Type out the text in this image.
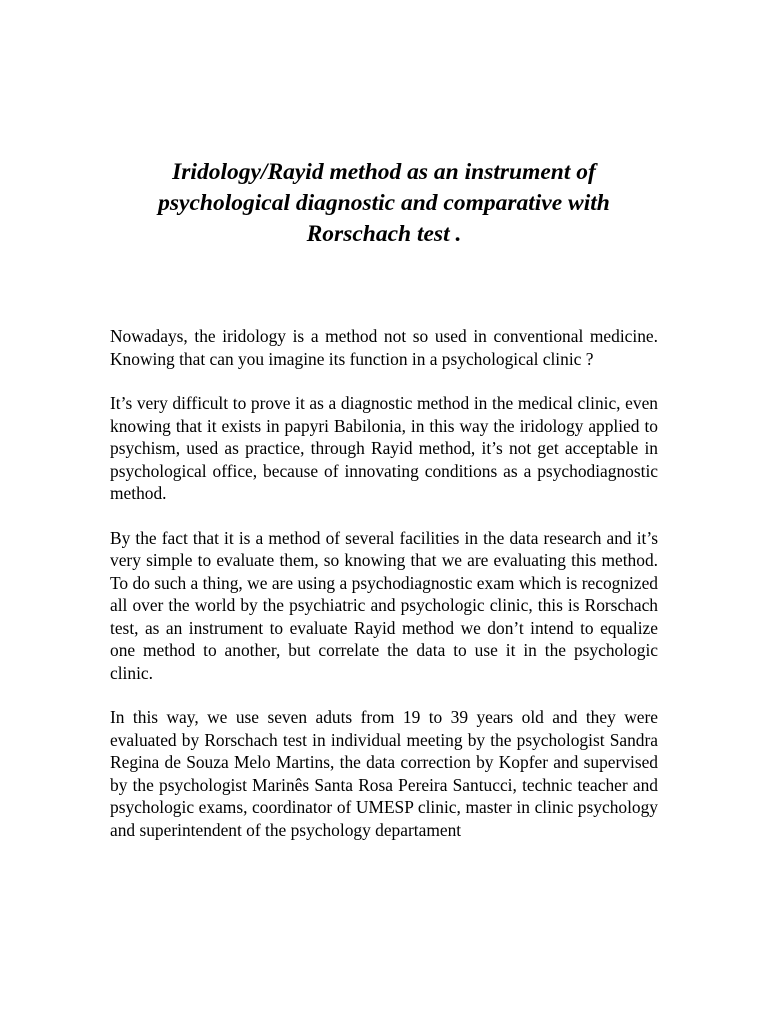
Iridology/Rayid method as an instrument of psychological diagnostic and comparative with Rorschach test .

Nowadays, the iridology is a method not so used in conventional medicine. Knowing that can you imagine its function in a psychological clinic ?

It’s very difficult to prove it as a diagnostic method in the medical clinic, even knowing that it exists in papyri Babilonia, in this way the iridology applied to psychism, used as practice, through Rayid method, it’s not get acceptable in psychological office, because of innovating conditions as a psychodiagnostic method.

By the fact that it is a method of several facilities in the data research and it’s very simple to evaluate them, so knowing that we are evaluating this method. To do such a thing, we are using a psychodiagnostic exam which is recognized all over the world by the psychiatric and psychologic clinic, this is Rorschach test, as an instrument to evaluate Rayid method we don’t intend to equalize one method to another, but correlate the data to use it in the psychologic clinic.

In this way, we use seven aduts from 19 to 39 years old and they were evaluated by Rorschach test in individual meeting by the psychologist Sandra Regina de Souza Melo Martins, the data correction by Kopfer and supervised by the psychologist Marinês Santa Rosa Pereira Santucci, technic teacher and psychologic exams, coordinator of UMESP clinic, master in clinic psychology and superintendent of the psychology departament
